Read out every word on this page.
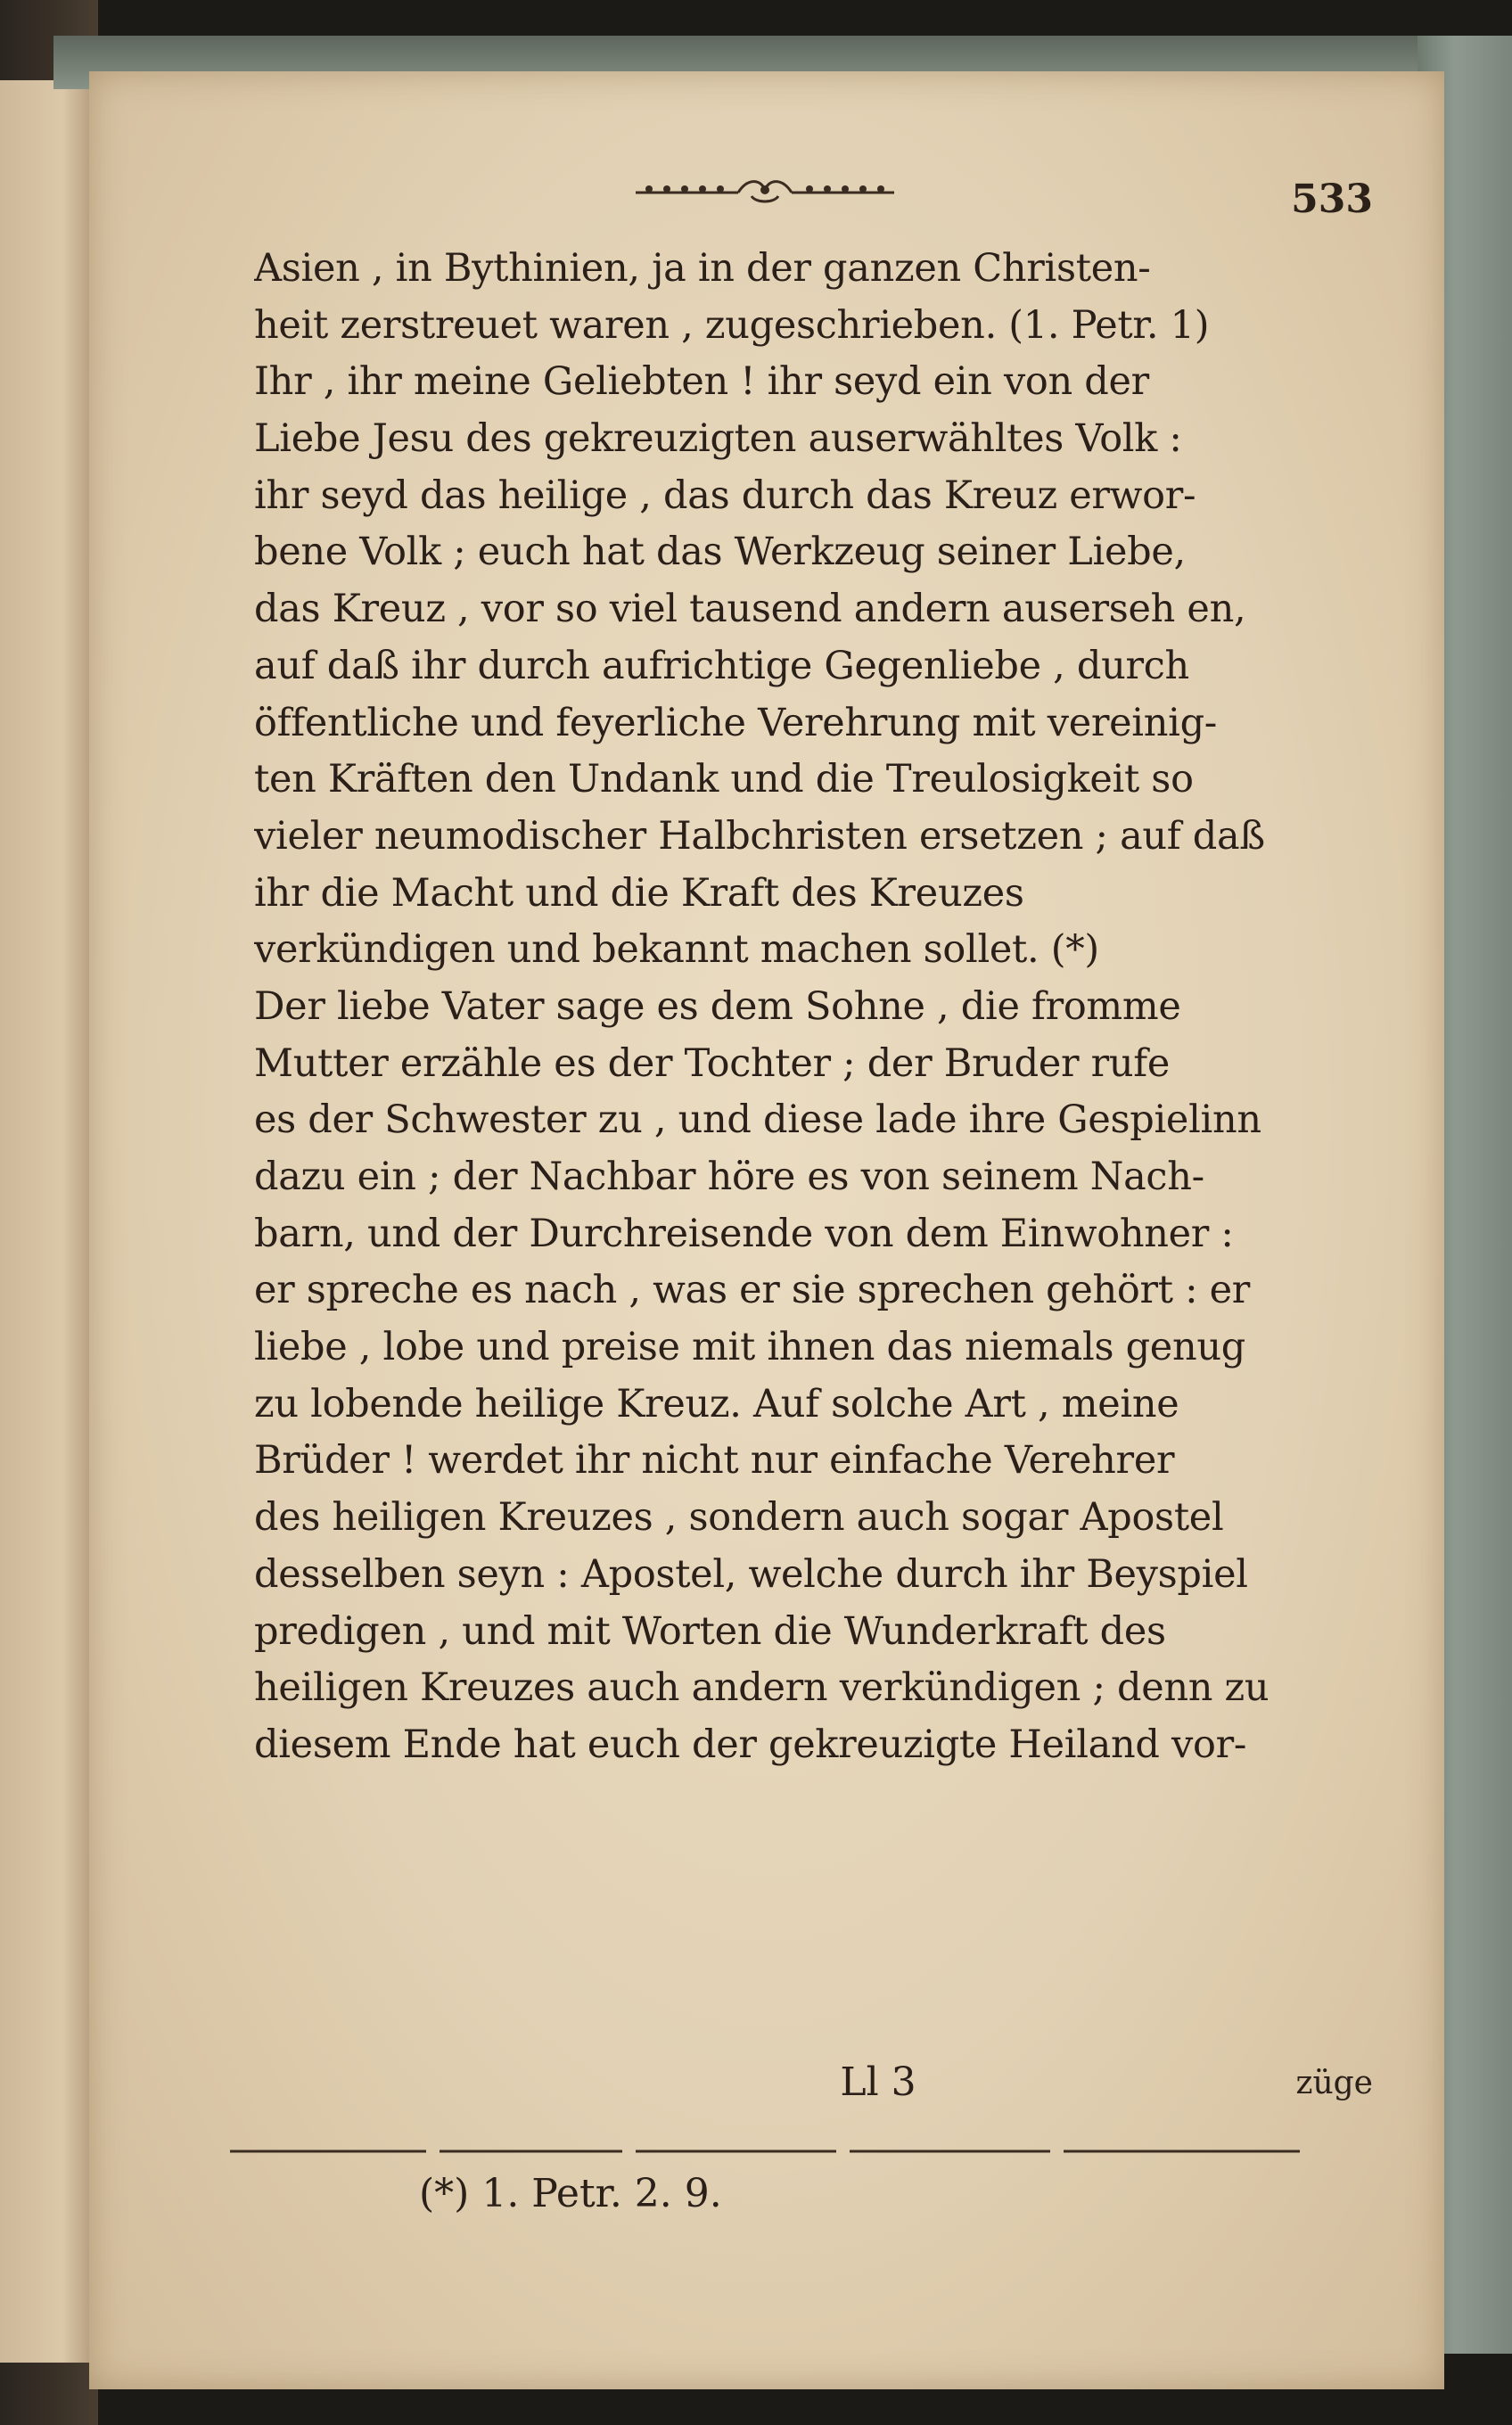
533
Asien , in Bythinien, ja in der ganzen Christen-
heit zerstreuet waren , zugeschrieben. (1. Petr. 1)
Ihr , ihr meine Geliebten ! ihr seyd ein von der
Liebe Jesu des gekreuzigten auserwähltes Volk :
ihr seyd das heilige , das durch das Kreuz erwor-
bene Volk ; euch hat das Werkzeug seiner Liebe,
das Kreuz , vor so viel tausend andern auserseh en,
auf daß ihr durch aufrichtige Gegenliebe , durch
öffentliche und feyerliche Verehrung mit vereinig-
ten Kräften den Undank und die Treulosigkeit so
vieler neumodischer Halbchristen ersetzen ; auf daß
ihr die Macht und die Kraft des Kreuzes
verkündigen und bekannt machen sollet. (*)
Der liebe Vater sage es dem Sohne , die fromme
Mutter erzähle es der Tochter ; der Bruder rufe
es der Schwester zu , und diese lade ihre Gespielinn
dazu ein ; der Nachbar höre es von seinem Nach-
barn, und der Durchreisende von dem Einwohner :
er spreche es nach , was er sie sprechen gehört : er
liebe , lobe und preise mit ihnen das niemals genug
zu lobende heilige Kreuz. Auf solche Art , meine
Brüder ! werdet ihr nicht nur einfache Verehrer
des heiligen Kreuzes , sondern auch sogar Apostel
desselben seyn : Apostel, welche durch ihr Beyspiel
predigen , und mit Worten die Wunderkraft des
heiligen Kreuzes auch andern verkündigen ; denn zu
diesem Ende hat euch der gekreuzigte Heiland vor-
Ll 3	züge
(*) 1. Petr. 2. 9.
